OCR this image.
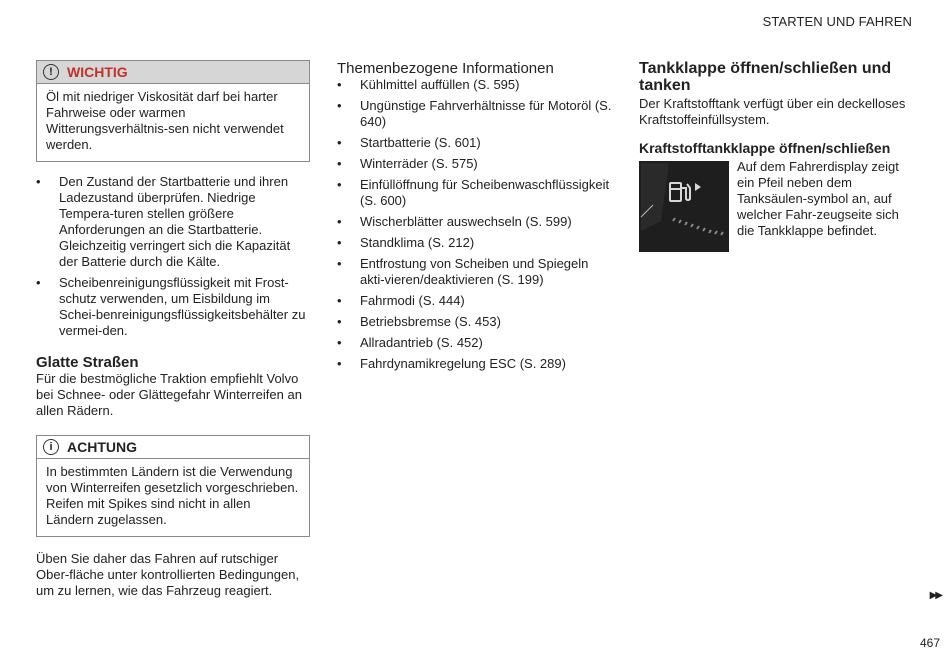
STARTEN UND FAHREN
!	WICHTIG
Öl mit niedriger Viskosität darf bei harter Fahrweise oder warmen Witterungsverhältnis-sen nicht verwendet werden.
• Den Zustand der Startbatterie und ihren Ladezustand überprüfen. Niedrige Tempera-turen stellen größere Anforderungen an die Startbatterie. Gleichzeitig verringert sich die Kapazität der Batterie durch die Kälte.
• Scheibenreinigungsflüssigkeit mit Frost-schutz verwenden, um Eisbildung im Schei-benreinigungsflüssigkeitsbehälter zu vermei-den.
Glatte Straßen

Für die bestmögliche Traktion empfiehlt Volvo bei Schnee- oder Glättegefahr Winterreifen an allen Rädern.

i	ACHTUNG
In bestimmten Ländern ist die Verwendung von Winterreifen gesetzlich vorgeschrieben. Reifen mit Spikes sind nicht in allen Ländern zugelassen.

Üben Sie daher das Fahren auf rutschiger Ober-fläche unter kontrollierten Bedingungen, um zu lernen, wie das Fahrzeug reagiert.

Themenbezogene Informationen
• Kühlmittel auffüllen (S. 595)
• Ungünstige Fahrverhältnisse für Motoröl (S. 640)
• Startbatterie (S. 601)
• Winterräder (S. 575)
• Einfüllöffnung für Scheibenwaschflüssigkeit (S. 600)
• Wischerblätter auswechseln (S. 599)
• Standklima (S. 212)
• Entfrostung von Scheiben und Spiegeln akti-vieren/deaktivieren (S. 199)
• Fahrmodi (S. 444)
• Betriebsbremse (S. 453)
• Allradantrieb (S. 452)
• Fahrdynamikregelung ESC (S. 289)
Tankklappe öffnen/schließen und tanken

Der Kraftstofftank verfügt über ein deckelloses Kraftstoffeinfüllsystem.

Kraftstofftankklappe öffnen/schließen

Auf dem Fahrerdisplay zeigt ein Pfeil neben dem Tanksäulen-symbol an, auf welcher Fahr-zeugseite sich die Tankklappe befindet.

▶▶
467
